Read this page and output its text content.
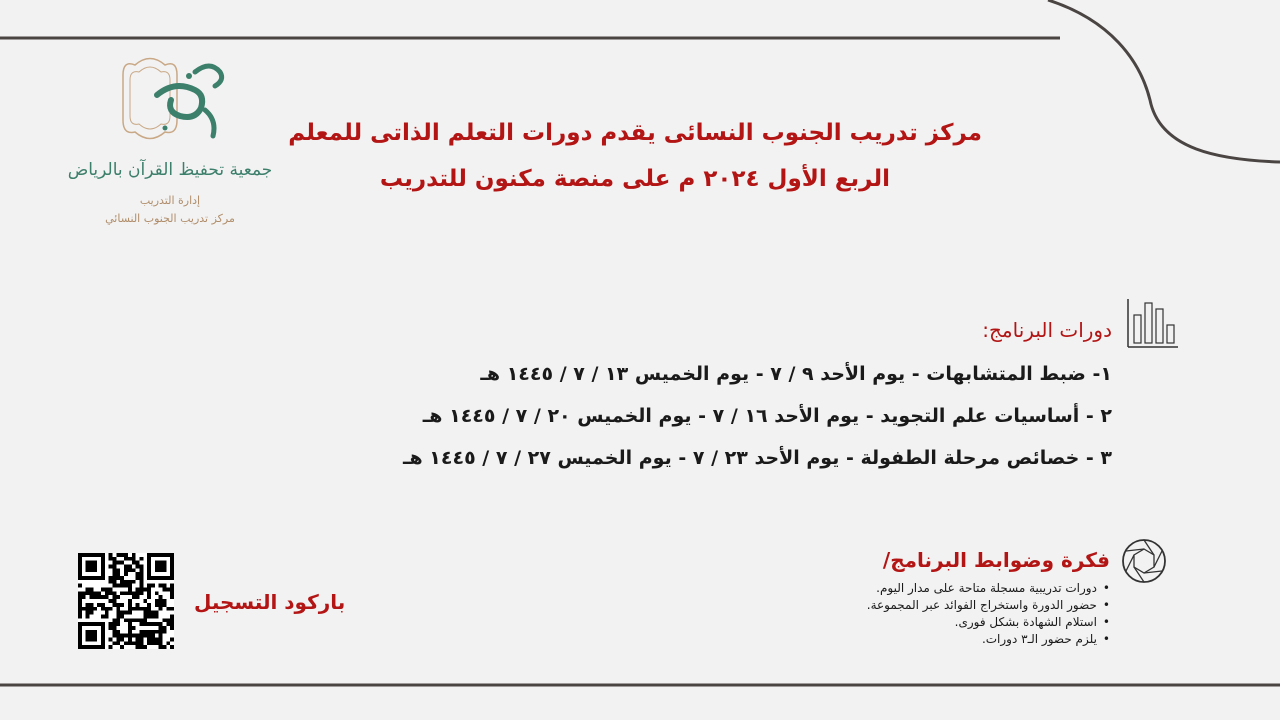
جمعية تحفيظ القرآن بالرياض
إدارة التدريب
مركز تدريب الجنوب النسائي
مركز تدريب الجنوب النسائى يقدم دورات التعلم الذاتى للمعلم
الربع الأول ٢٠٢٤ م على منصة مكنون للتدريب
دورات البرنامج:
١- ضبط المتشابهات - يوم الأحد ٩ / ٧ - يوم الخميس ١٣ / ٧ / ١٤٤٥ هـ
٢ - أساسيات علم التجويد - يوم الأحد ١٦ / ٧ - يوم الخميس ٢٠ / ٧ / ١٤٤٥ هـ
٣ - خصائص مرحلة الطفولة - يوم الأحد ٢٣ / ٧ - يوم الخميس ٢٧ / ٧ / ١٤٤٥ هـ
فكرة وضوابط البرنامج/
• دورات تدريبية مسجلة متاحة على مدار اليوم.
• حضور الدورة واستخراج الفوائد عبر المجموعة.
• استلام الشهادة بشكل فورى.
• يلزم حضور الـ٣ دورات.
باركود التسجيل
